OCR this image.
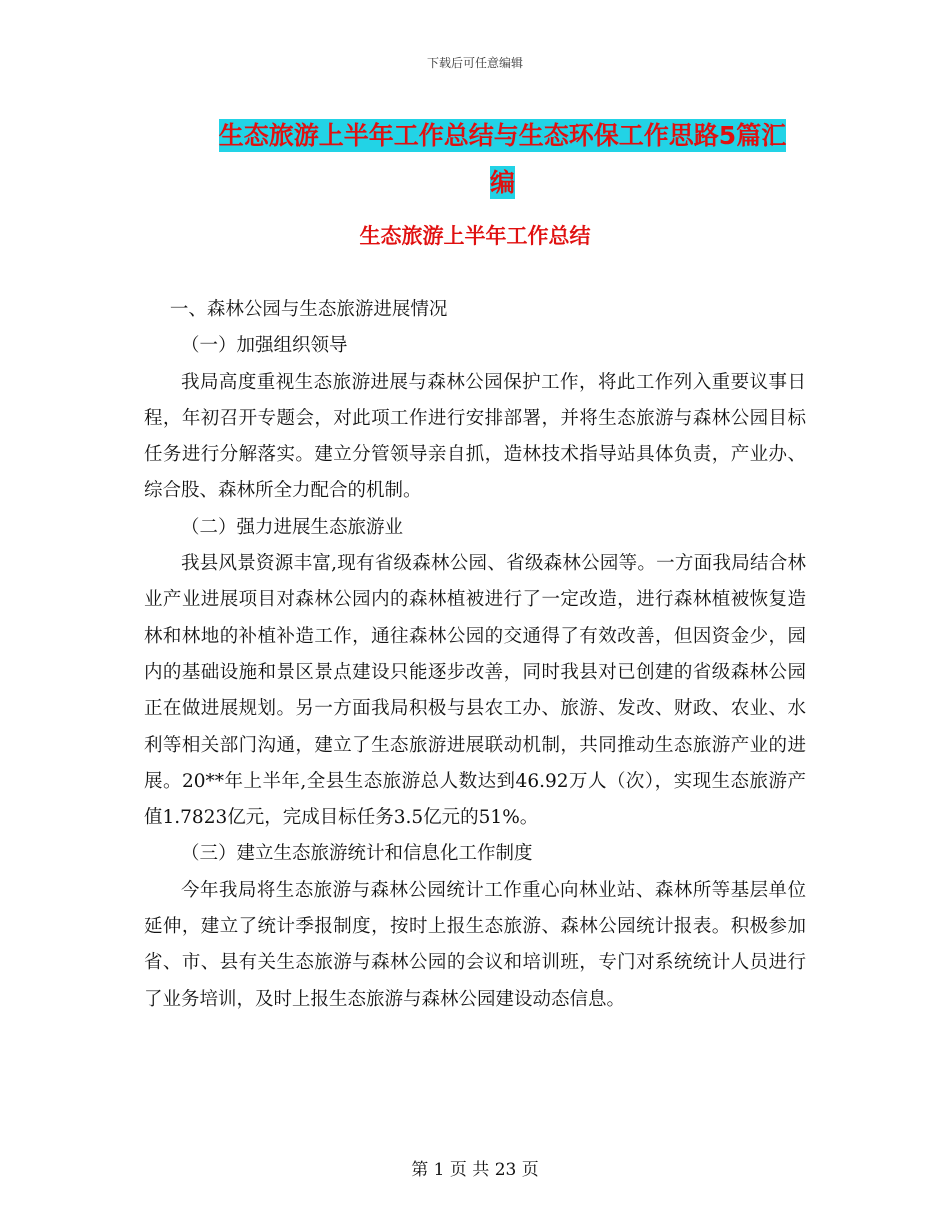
下载后可任意编辑
生态旅游上半年工作总结与生态环保工作思路5篇汇
编
生态旅游上半年工作总结

一、森林公园与生态旅游进展情况

（一）加强组织领导

我局高度重视生态旅游进展与森林公园保护工作，将此工作列入重要议事日程，年初召开专题会，对此项工作进行安排部署，并将生态旅游与森林公园目标任务进行分解落实。建立分管领导亲自抓，造林技术指导站具体负责，产业办、综合股、森林所全力配合的机制。

（二）强力进展生态旅游业

我县风景资源丰富,现有省级森林公园、省级森林公园等。一方面我局结合林业产业进展项目对森林公园内的森林植被进行了一定改造，进行森林植被恢复造林和林地的补植补造工作，通往森林公园的交通得了有效改善，但因资金少，园内的基础设施和景区景点建设只能逐步改善，同时我县对已创建的省级森林公园正在做进展规划。另一方面我局积极与县农工办、旅游、发改、财政、农业、水利等相关部门沟通，建立了生态旅游进展联动机制，共同推动生态旅游产业的进展。20**年上半年,全县生态旅游总人数达到46.92万人（次），实现生态旅游产值1.7823亿元，完成目标任务3.5亿元的51%。

（三）建立生态旅游统计和信息化工作制度

今年我局将生态旅游与森林公园统计工作重心向林业站、森林所等基层单位延伸，建立了统计季报制度，按时上报生态旅游、森林公园统计报表。积极参加省、市、县有关生态旅游与森林公园的会议和培训班，专门对系统统计人员进行了业务培训，及时上报生态旅游与森林公园建设动态信息。

第 1 页 共 23 页
